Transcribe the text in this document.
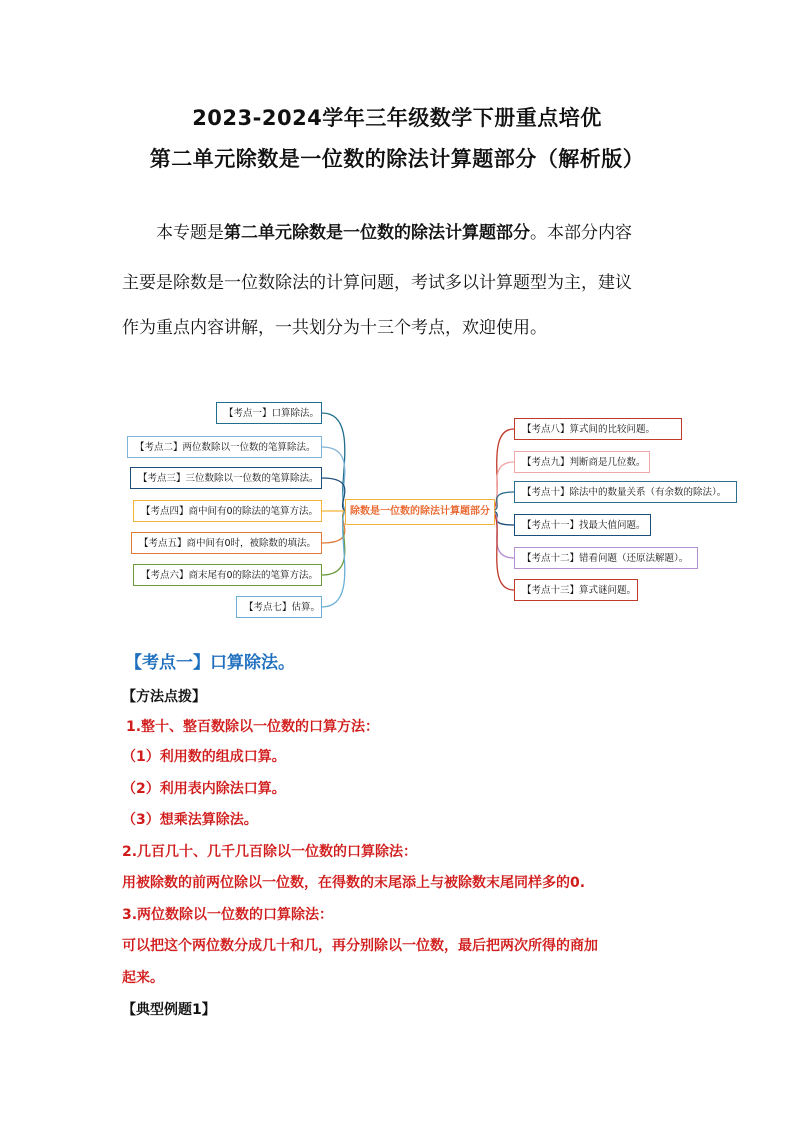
2023-2024学年三年级数学下册重点培优
第二单元除数是一位数的除法计算题部分（解析版）
本专题是第二单元除数是一位数的除法计算题部分。本部分内容
主要是除数是一位数除法的计算问题，考试多以计算题型为主，建议
作为重点内容讲解，一共划分为十三个考点，欢迎使用。
【考点一】口算除法。
【考点二】两位数除以一位数的笔算除法。
【考点三】三位数除以一位数的笔算除法。
【考点四】商中间有0的除法的笔算方法。
【考点五】商中间有0时，被除数的填法。
【考点六】商末尾有0的除法的笔算方法。
【考点七】估算。
【考点八】算式间的比较问题。
【考点九】判断商是几位数。
【考点十】除法中的数量关系（有余数的除法）。
【考点十一】找最大值问题。
【考点十二】错看问题（还原法解题）。
【考点十三】算式谜问题。
除数是一位数的除法计算题部分
【考点一】口算除法。
【方法点拨】
1.整十、整百数除以一位数的口算方法：
（1）利用数的组成口算。
（2）利用表内除法口算。
（3）想乘法算除法。
2.几百几十、几千几百除以一位数的口算除法：
用被除数的前两位除以一位数，在得数的末尾添上与被除数末尾同样多的0.
3.两位数除以一位数的口算除法：
可以把这个两位数分成几十和几，再分别除以一位数，最后把两次所得的商加
起来。
【典型例题1】
